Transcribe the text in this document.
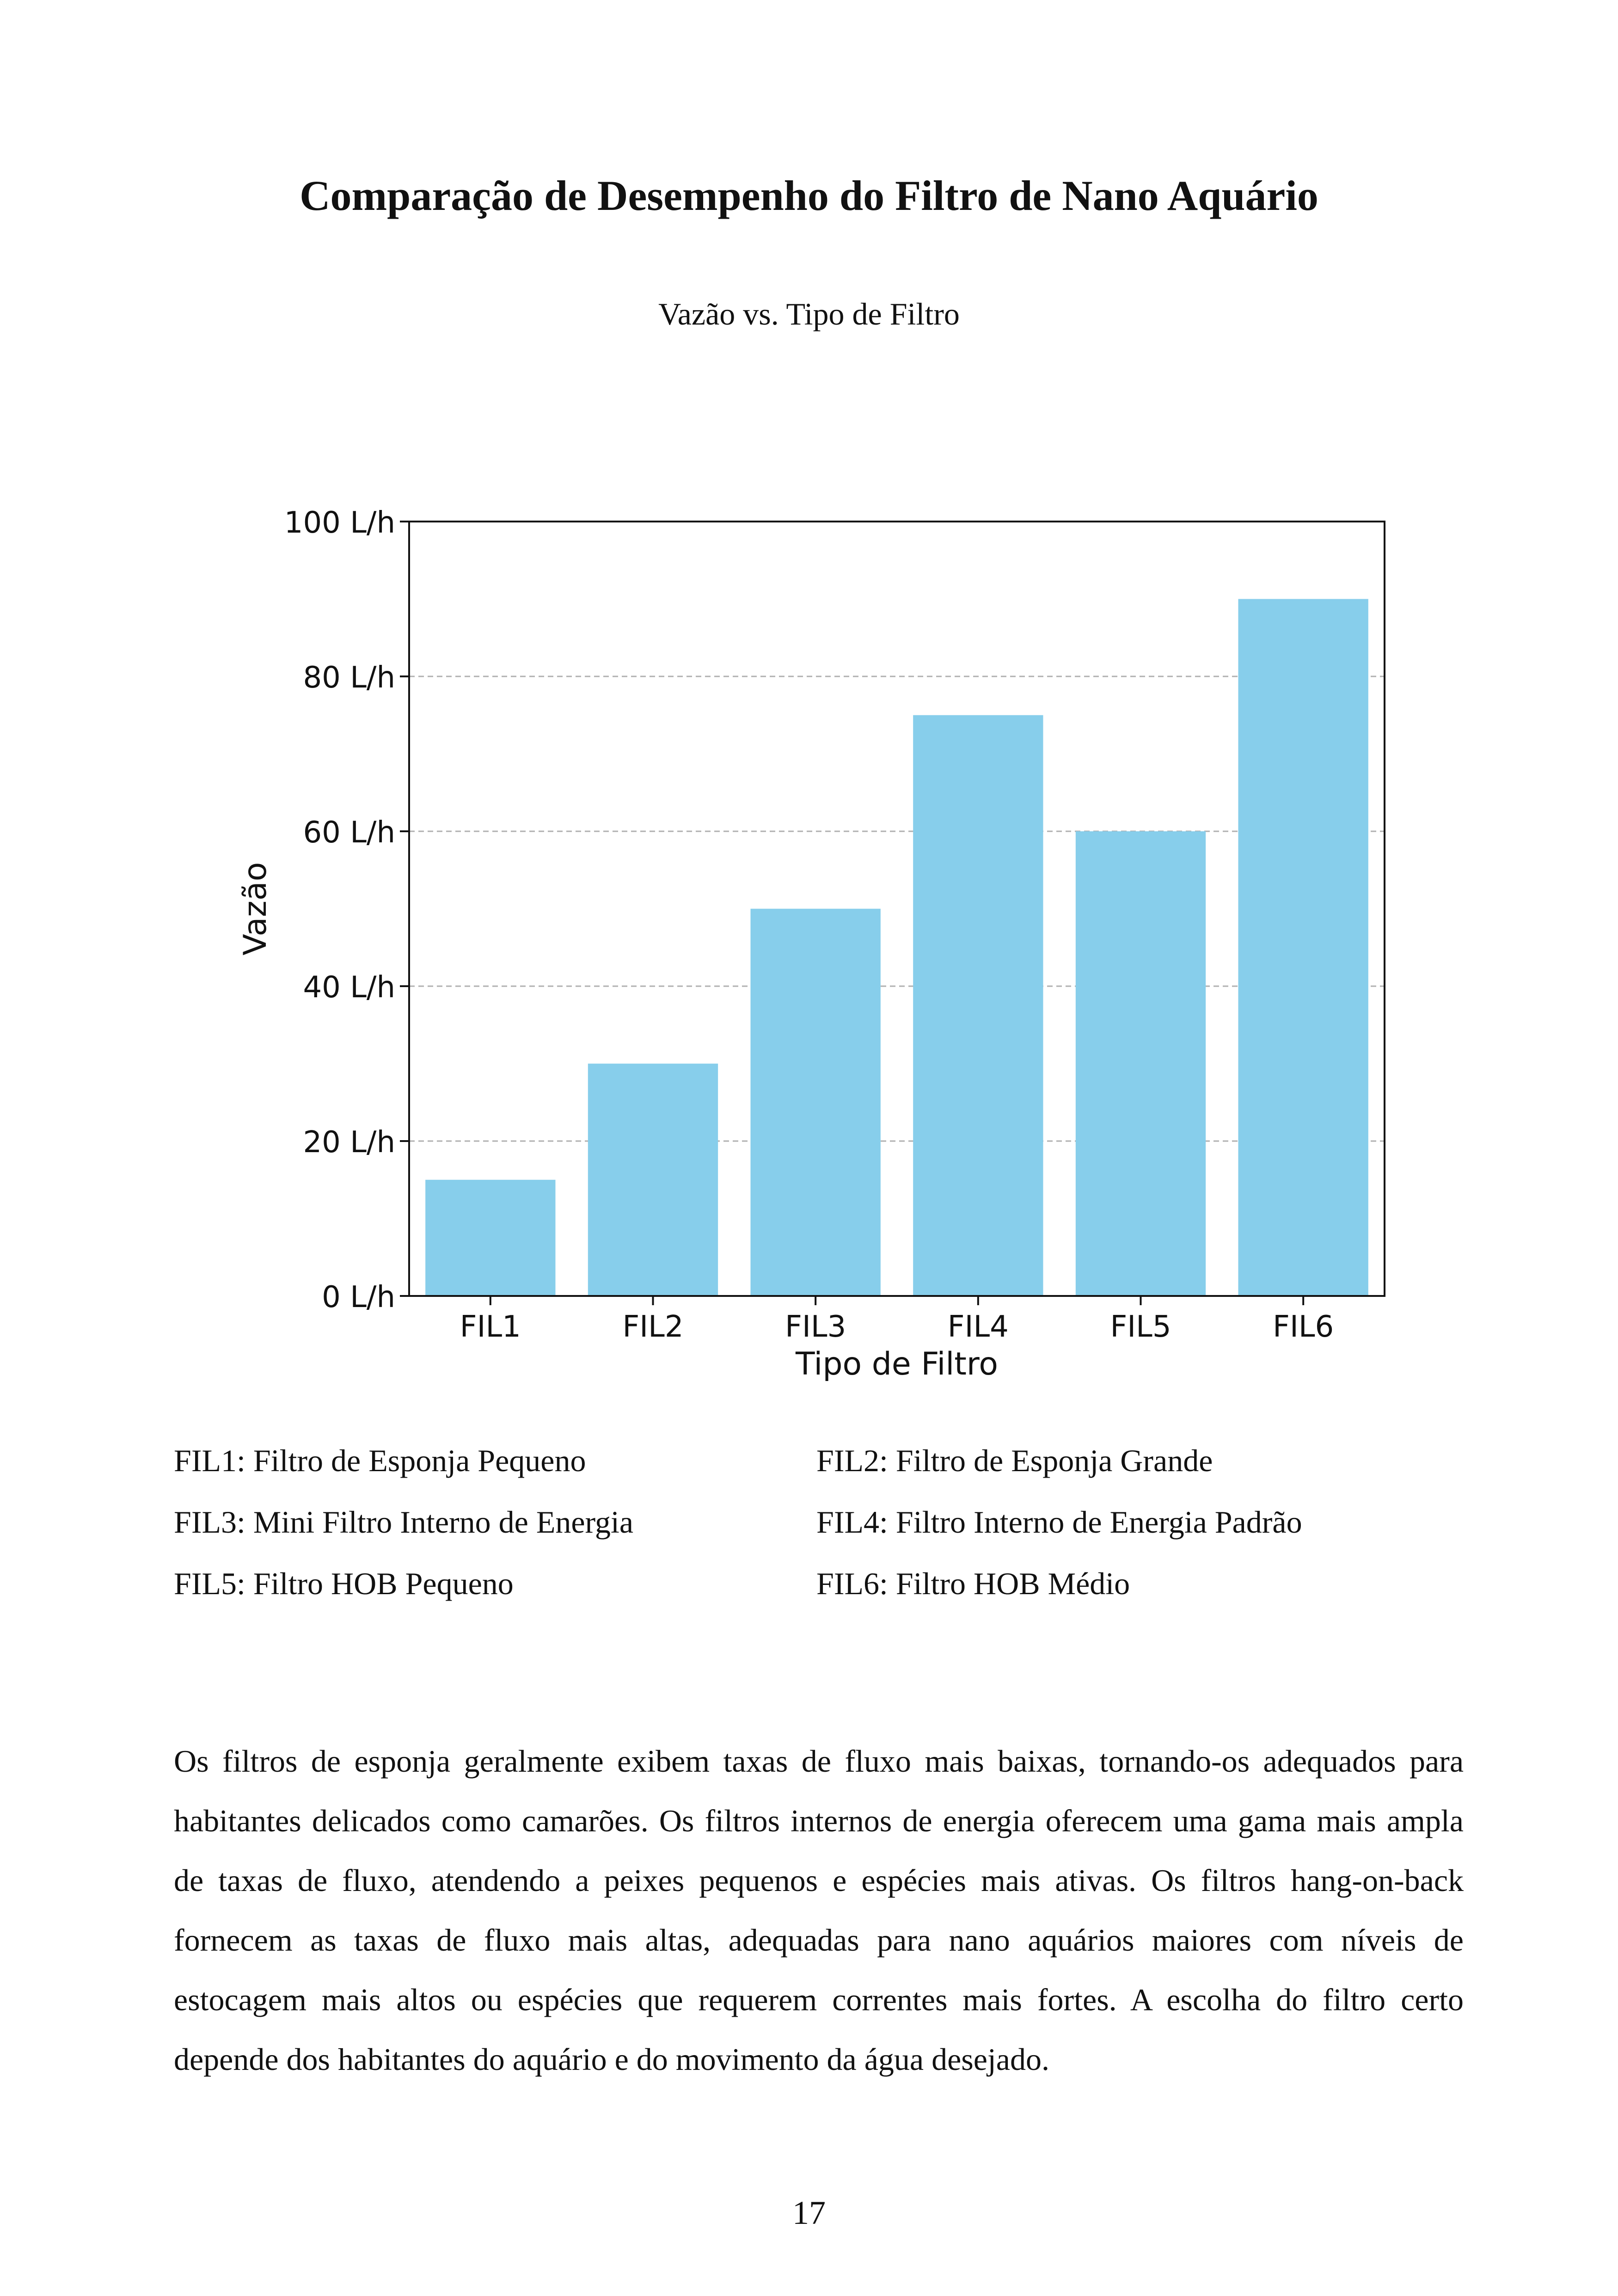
Comparação de Desempenho do Filtro de Nano Aquário
Vazão vs. Tipo de Filtro
0 L/h
20 L/h
40 L/h
60 L/h
80 L/h
100 L/h
FIL1	FIL2	FIL3	FIL4	FIL5	FIL6
Tipo de Filtro
Vazão
FIL1: Filtro de Esponja Pequeno	FIL2: Filtro de Esponja Grande
FIL3: Mini Filtro Interno de Energia	FIL4: Filtro Interno de Energia Padrão
FIL5: Filtro HOB Pequeno	FIL6: Filtro HOB Médio
Os filtros de esponja geralmente exibem taxas de fluxo mais baixas, tornando-os adequados para habitantes delicados como camarões. Os filtros internos de energia oferecem uma gama mais ampla de taxas de fluxo, atendendo a peixes pequenos e espécies mais ativas. Os filtros hang-on-back fornecem as taxas de fluxo mais altas, adequadas para nano aquários maiores com níveis de estocagem mais altos ou espécies que requerem correntes mais fortes. A escolha do filtro certo depende dos habitantes do aquário e do movimento da água desejado.
17
